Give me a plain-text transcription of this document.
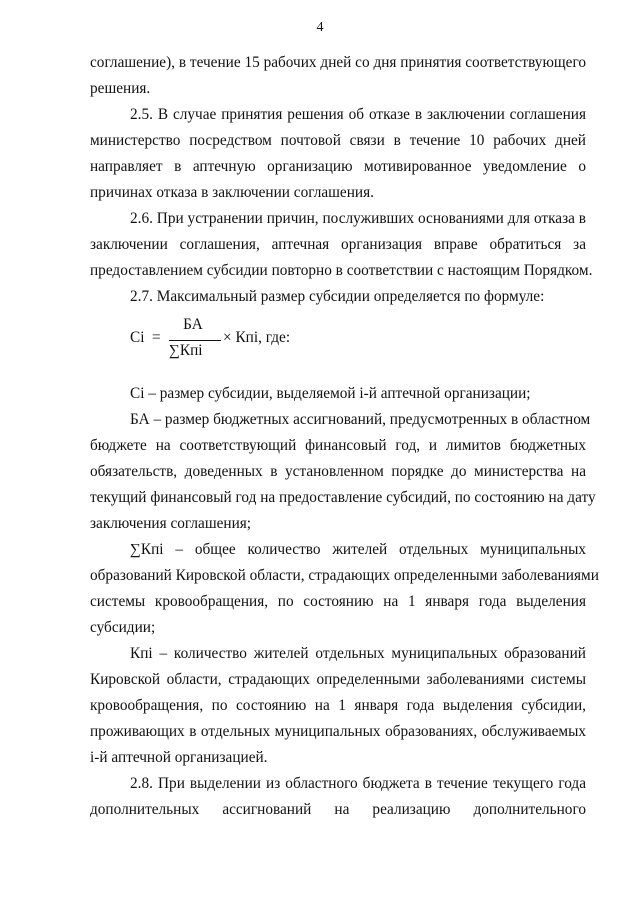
4
соглашение), в течение 15 рабочих дней со дня принятия соответствующего
решения.
2.5. В случае принятия решения об отказе в заключении соглашения
министерство посредством почтовой связи в течение 10 рабочих дней
направляет в аптечную организацию мотивированное уведомление о
причинах отказа в заключении соглашения.
2.6. При устранении причин, послуживших основаниями для отказа в
заключении соглашения, аптечная организация вправе обратиться за
предоставлением субсидии повторно в соответствии с настоящим Порядком.
2.7. Максимальный размер субсидии определяется по формуле:
Ci =
БА
∑Кпi
× Кпi, где:
Ci – размер субсидии, выделяемой i-й аптечной организации;
БА – размер бюджетных ассигнований, предусмотренных в областном
бюджете на соответствующий финансовый год, и лимитов бюджетных
обязательств, доведенных в установленном порядке до министерства на
текущий финансовый год на предоставление субсидий, по состоянию на дату
заключения соглашения;
∑Кпi – общее количество жителей отдельных муниципальных
образований Кировской области, страдающих определенными заболеваниями
системы кровообращения, по состоянию на 1 января года выделения
субсидии;
Кпi – количество жителей отдельных муниципальных образований
Кировской области, страдающих определенными заболеваниями системы
кровообращения, по состоянию на 1 января года выделения субсидии,
проживающих в отдельных муниципальных образованиях, обслуживаемых
i-й аптечной организацией.
2.8. При выделении из областного бюджета в течение текущего года
дополнительных ассигнований на реализацию дополнительного
